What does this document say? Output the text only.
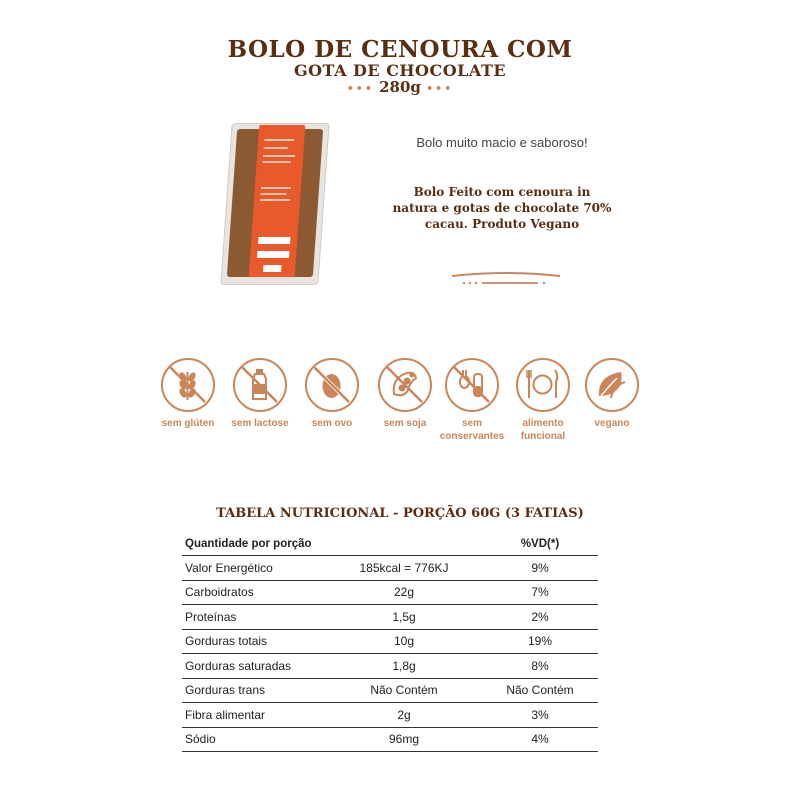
BOLO DE CENOURA COM
GOTA DE CHOCOLATE
••• 280g •••
Bolo muito macio e saboroso!
Bolo Feito com cenoura in natura e gotas de chocolate 70% cacau. Produto Vegano
sem glúten	sem lactose	sem ovo	sem soja	sem conservantes
alimento funcional
vegano
TABELA NUTRICIONAL - PORÇÃO 60G (3 FATIAS)
Quantidade por porção		%VD(*)
Valor Energético	185kcal = 776KJ	9%
Carboidratos	22g	7%
Proteínas	1,5g	2%
Gorduras totais	10g	19%
Gorduras saturadas	1,8g	8%
Gorduras trans	Não Contém	Não Contém
Fibra alimentar	2g	3%
Sódio	96mg	4%
